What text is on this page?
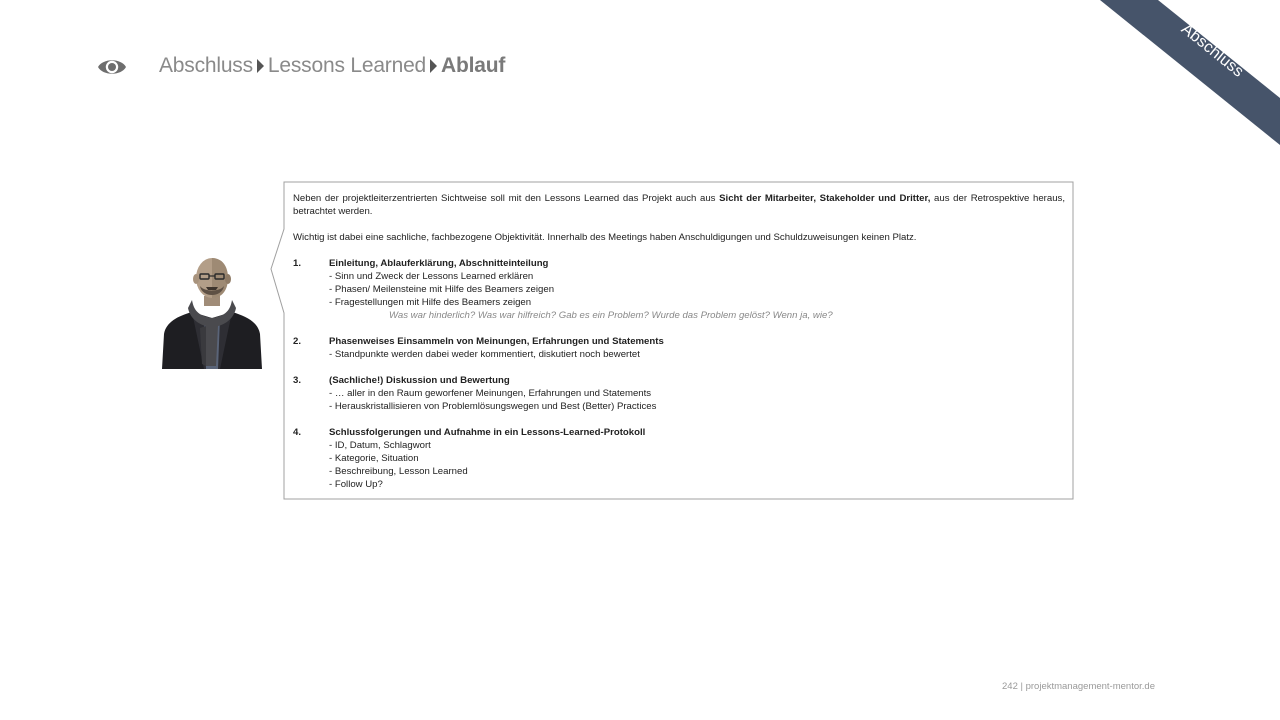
Abschluss Lessons Learned Ablauf	Abschluss

Neben der projektleiterzentrierten Sichtweise soll mit den Lessons Learned das Projekt auch aus Sicht der Mitarbeiter, Stakeholder und Dritter, aus der Retrospektive heraus, betrachtet werden.

Wichtig ist dabei eine sachliche, fachbezogene Objektivität. Innerhalb des Meetings haben Anschuldigungen und Schuldzuweisungen keinen Platz.

1.	Einleitung, Ablauferklärung, Abschnitteinteilung
- Sinn und Zweck der Lessons Learned erklären
- Phasen/ Meilensteine mit Hilfe des Beamers zeigen
- Fragestellungen mit Hilfe des Beamers zeigen
Was war hinderlich? Was war hilfreich? Gab es ein Problem? Wurde das Problem gelöst? Wenn ja, wie?
2.	Phasenweises Einsammeln von Meinungen, Erfahrungen und Statements
- Standpunkte werden dabei weder kommentiert, diskutiert noch bewertet
3.	(Sachliche!) Diskussion und Bewertung
- … aller in den Raum geworfener Meinungen, Erfahrungen und Statements
- Herauskristallisieren von Problemlösungswegen und Best (Better) Practices
4.	Schlussfolgerungen und Aufnahme in ein Lessons-Learned-Protokoll
- ID, Datum, Schlagwort
- Kategorie, Situation
- Beschreibung, Lesson Learned
- Follow Up?
242 | projektmanagement-mentor.de
